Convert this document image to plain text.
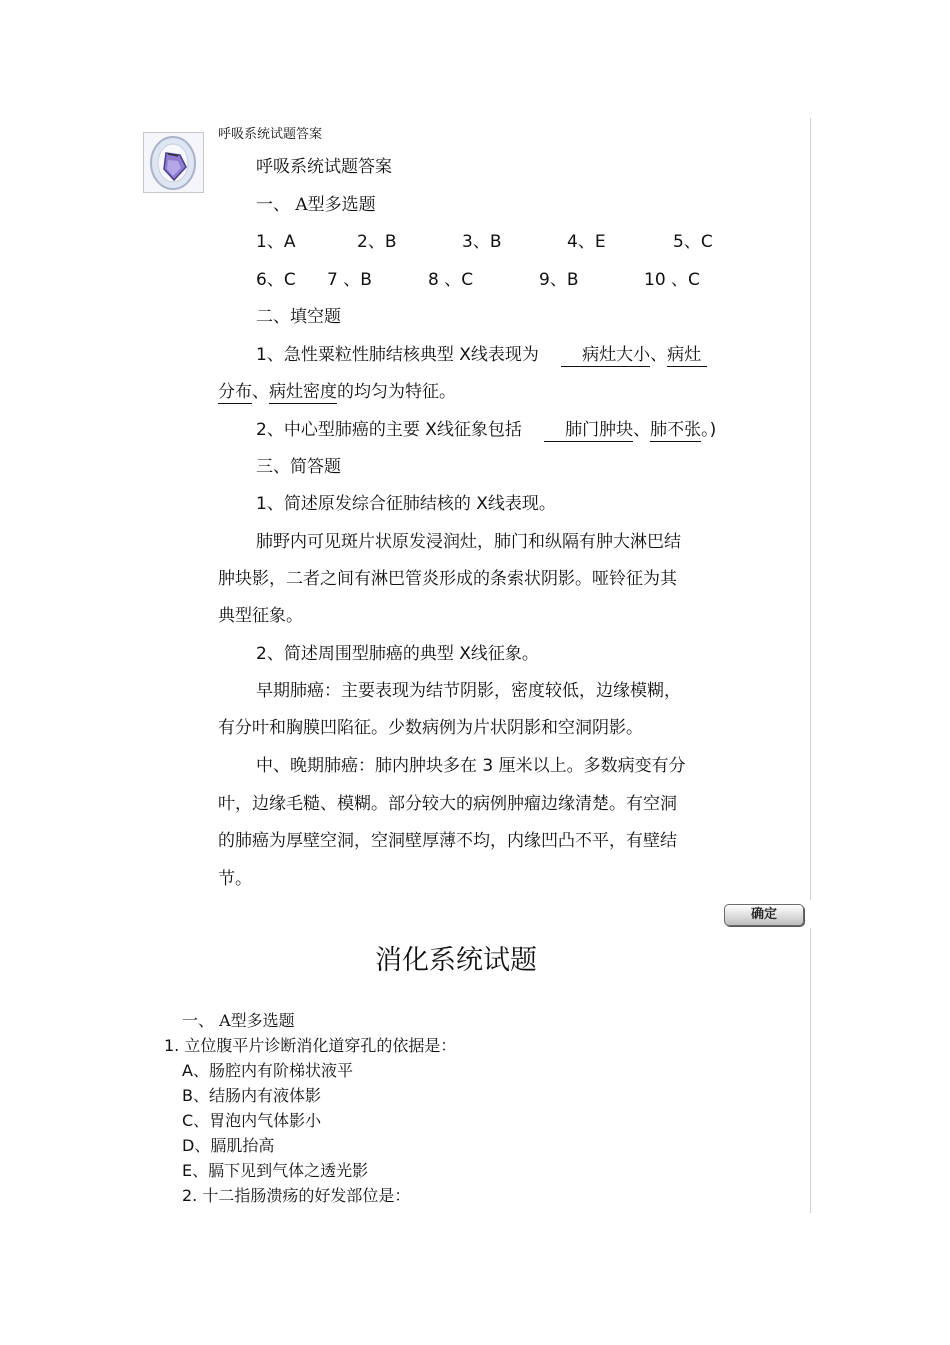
呼吸系统试题答案
呼吸系统试题答案
一、 A型多选题
1、A	2、B	3、B	4、E	5、C
6、C 7 、B	8 、C	9、B	10 、C
二、填空题
1、急性粟粒性肺结核典型 X线表现为	病灶大小、病灶
分布、病灶密度的均匀为特征。
2、中心型肺癌的主要 X线征象包括	肺门肿块、肺不张。)
三、简答题
1、简述原发综合征肺结核的 X线表现。
肺野内可见斑片状原发浸润灶，肺门和纵隔有肿大淋巴结
肿块影，二者之间有淋巴管炎形成的条索状阴影。哑铃征为其
典型征象。
2、简述周围型肺癌的典型 X线征象。
早期肺癌：主要表现为结节阴影，密度较低，边缘模糊，
有分叶和胸膜凹陷征。少数病例为片状阴影和空洞阴影。
中、晚期肺癌：肺内肿块多在 3 厘米以上。多数病变有分
叶，边缘毛糙、模糊。部分较大的病例肿瘤边缘清楚。有空洞
的肺癌为厚壁空洞，空洞壁厚薄不均，内缘凹凸不平，有壁结
节。
确定
消化系统试题
一、 A型多选题
1. 立位腹平片诊断消化道穿孔的依据是：
A、肠腔内有阶梯状液平
B、结肠内有液体影
C、胃泡内气体影小
D、膈肌抬高
E、膈下见到气体之透光影
2. 十二指肠溃疡的好发部位是：
